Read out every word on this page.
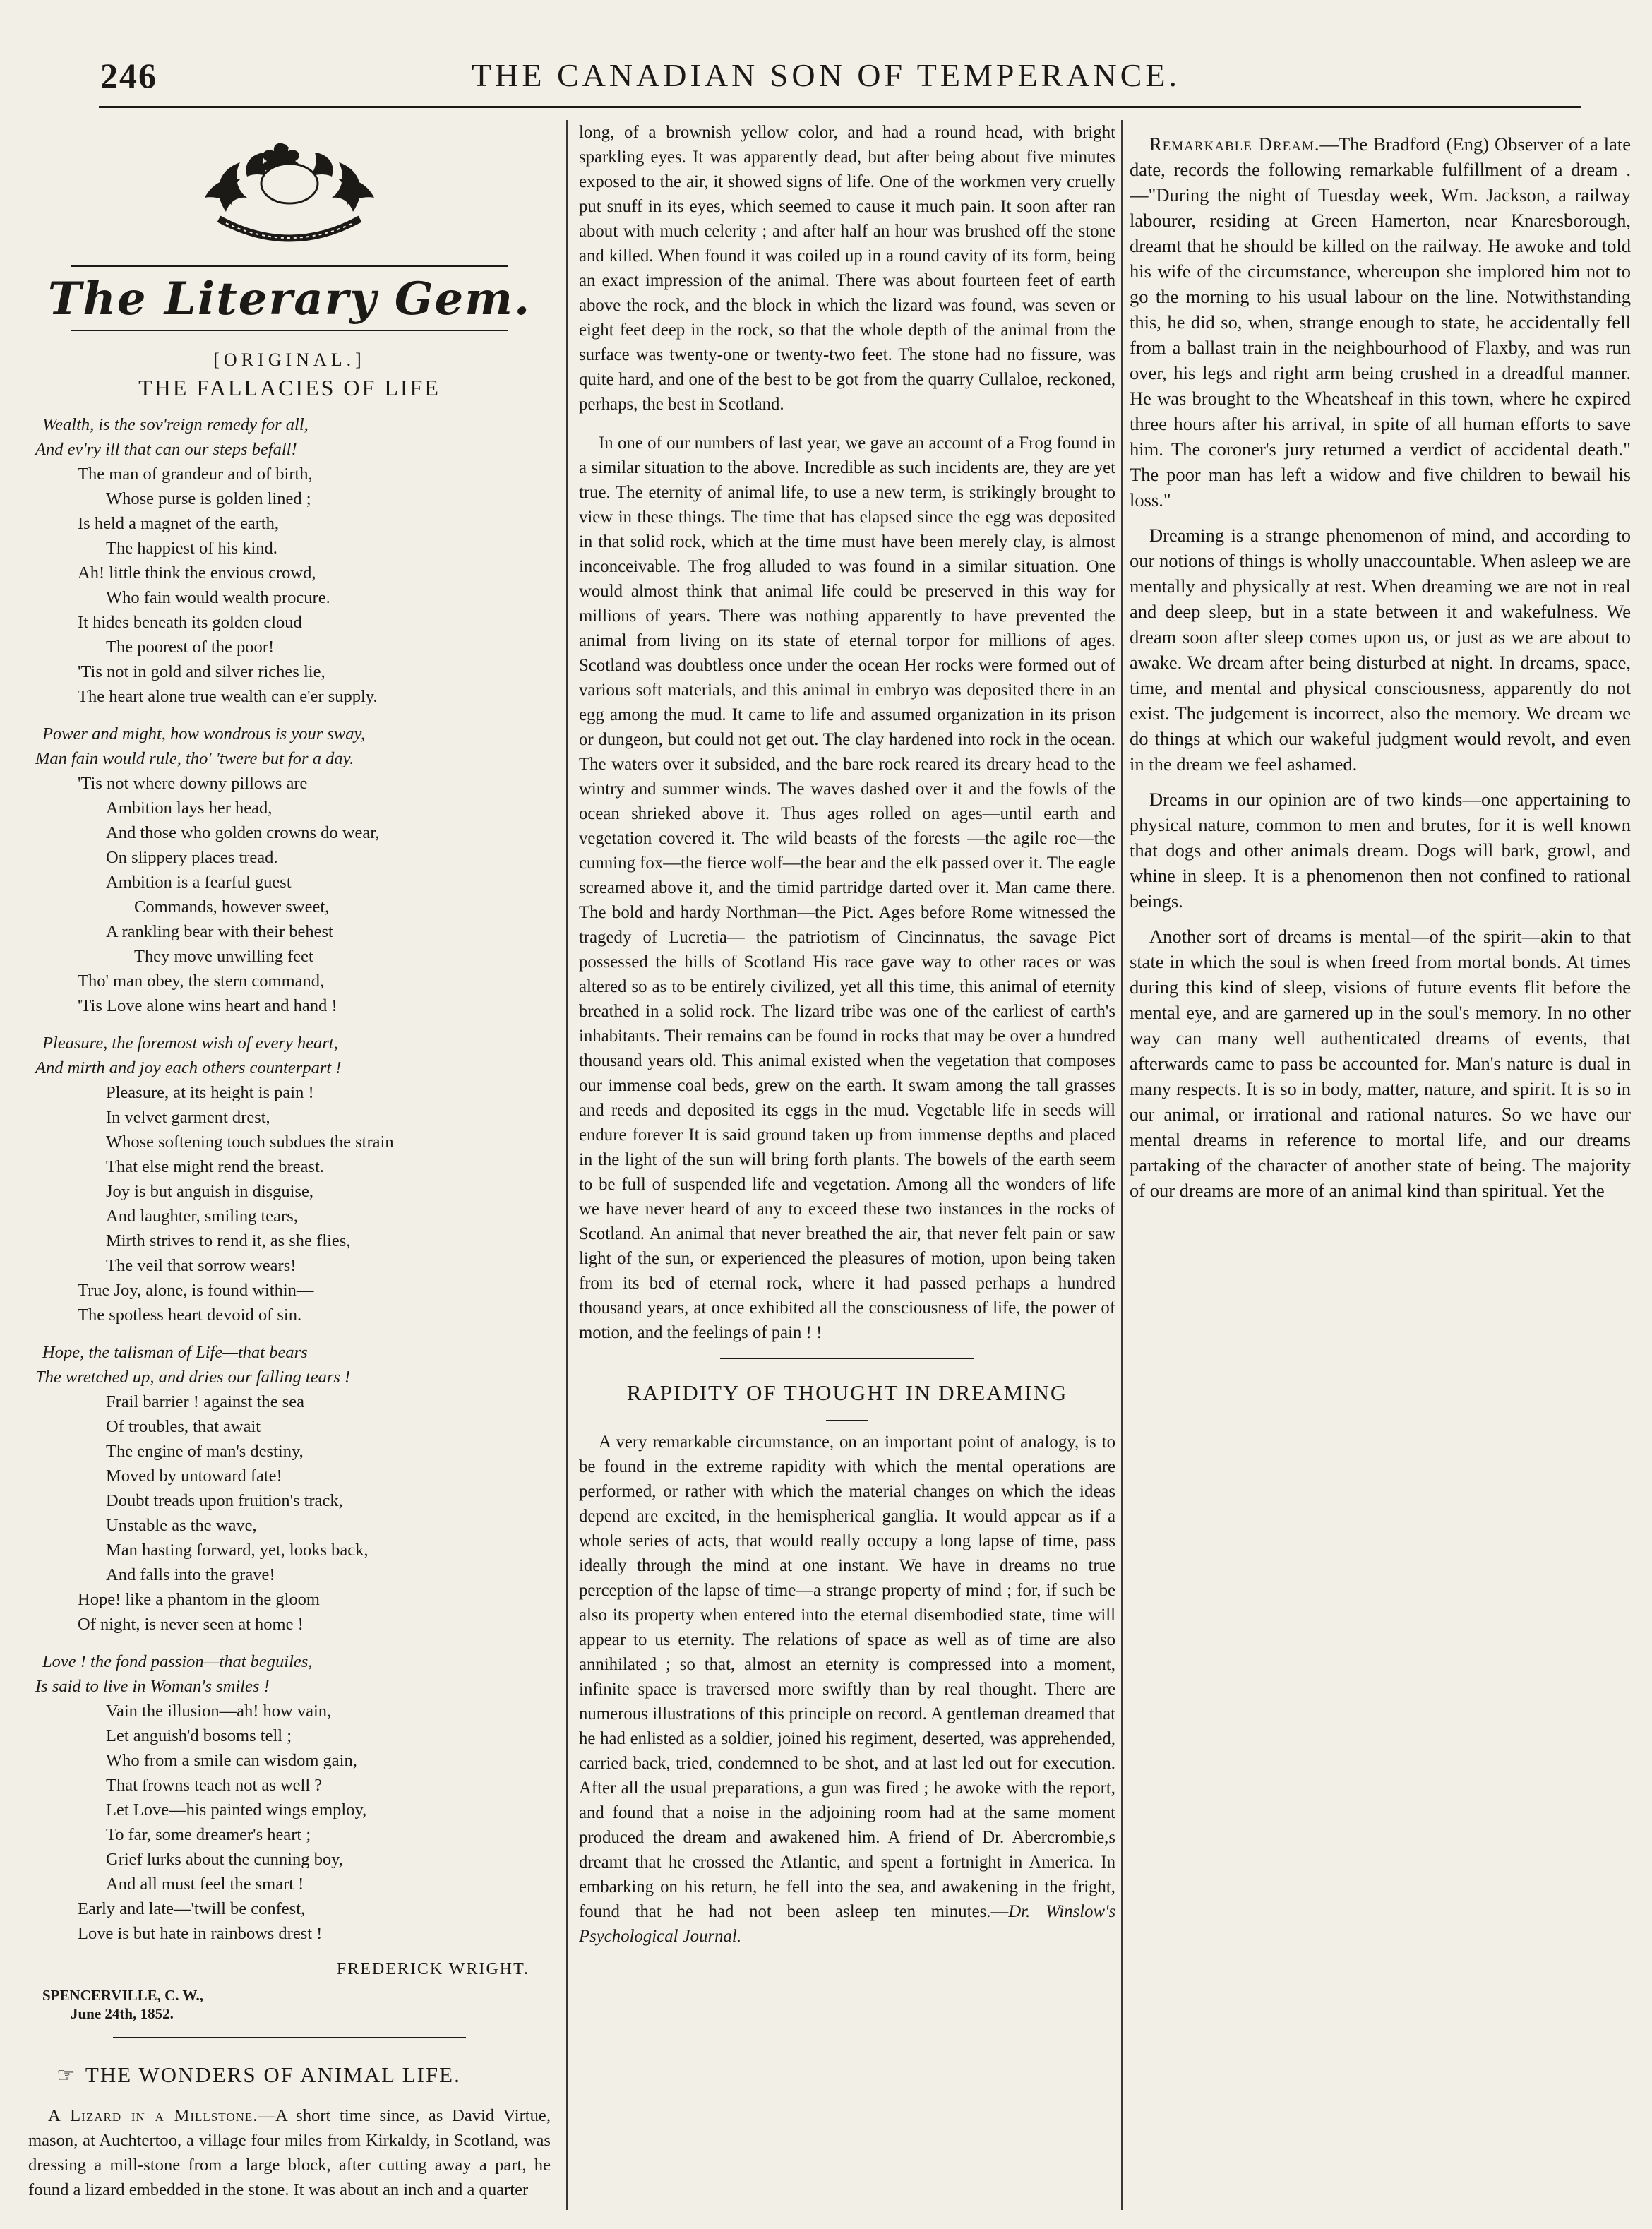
246	THE CANADIAN SON OF TEMPERANCE.
The Literary Gem.
[ORIGINAL.]
THE FALLACIES OF LIFE
Wealth, is the sov'reign remedy for all,
And ev'ry ill that can our steps befall!
The man of grandeur and of birth,
Whose purse is golden lined ;
Is held a magnet of the earth,
The happiest of his kind.
Ah! little think the envious crowd,
Who fain would wealth procure.
It hides beneath its golden cloud
The poorest of the poor!
'Tis not in gold and silver riches lie,
The heart alone true wealth can e'er supply.
Power and might, how wondrous is your sway,
Man fain would rule, tho' 'twere but for a day.
'Tis not where downy pillows are
Ambition lays her head,
And those who golden crowns do wear,
On slippery places tread.
Ambition is a fearful guest
Commands, however sweet,
A rankling bear with their behest
They move unwilling feet
Tho' man obey, the stern command,
'Tis Love alone wins heart and hand !
Pleasure, the foremost wish of every heart,
And mirth and joy each others counterpart !
Pleasure, at its height is pain !
In velvet garment drest,
Whose softening touch subdues the strain
That else might rend the breast.
Joy is but anguish in disguise,
And laughter, smiling tears,
Mirth strives to rend it, as she flies,
The veil that sorrow wears!
True Joy, alone, is found within—
The spotless heart devoid of sin.
Hope, the talisman of Life—that bears
The wretched up, and dries our falling tears !
Frail barrier ! against the sea
Of troubles, that await
The engine of man's destiny,
Moved by untoward fate!
Doubt treads upon fruition's track,
Unstable as the wave,
Man hasting forward, yet, looks back,
And falls into the grave!
Hope! like a phantom in the gloom
Of night, is never seen at home !
Love ! the fond passion—that beguiles,
Is said to live in Woman's smiles !
Vain the illusion—ah! how vain,
Let anguish'd bosoms tell ;
Who from a smile can wisdom gain,
That frowns teach not as well ?
Let Love—his painted wings employ,
To far, some dreamer's heart ;
Grief lurks about the cunning boy,
And all must feel the smart !
Early and late—'twill be confest,
Love is but hate in rainbows drest !
FREDERICK WRIGHT.
SPENCERVILLE, C. W.,
June 24th, 1852.
☞ THE WONDERS OF ANIMAL LIFE.

A Lizard in a Millstone.—A short time since, as David Virtue, mason, at Auchtertoo, a village four miles from Kirkaldy, in Scotland, was dressing a mill-stone from a large block, after cutting away a part, he found a lizard embedded in the stone. It was about an inch and a quarter

long, of a brownish yellow color, and had a round head, with bright sparkling eyes. It was apparently dead, but after being about five minutes exposed to the air, it showed signs of life. One of the workmen very cruelly put snuff in its eyes, which seemed to cause it much pain. It soon after ran about with much celerity ; and after half an hour was brushed off the stone and killed. When found it was coiled up in a round cavity of its form, being an exact impression of the animal. There was about fourteen feet of earth above the rock, and the block in which the lizard was found, was seven or eight feet deep in the rock, so that the whole depth of the animal from the surface was twenty-one or twenty-two feet. The stone had no fissure, was quite hard, and one of the best to be got from the quarry Cullaloe, reckoned, perhaps, the best in Scotland.

In one of our numbers of last year, we gave an account of a Frog found in a similar situation to the above. Incredible as such incidents are, they are yet true. The eternity of animal life, to use a new term, is strikingly brought to view in these things. The time that has elapsed since the egg was deposited in that solid rock, which at the time must have been merely clay, is almost inconceivable. The frog alluded to was found in a similar situation. One would almost think that animal life could be preserved in this way for millions of years. There was nothing apparently to have prevented the animal from living on its state of eternal torpor for millions of ages. Scotland was doubtless once under the ocean Her rocks were formed out of various soft materials, and this animal in embryo was deposited there in an egg among the mud. It came to life and assumed organization in its prison or dungeon, but could not get out. The clay hardened into rock in the ocean. The waters over it subsided, and the bare rock reared its dreary head to the wintry and summer winds. The waves dashed over it and the fowls of the ocean shrieked above it. Thus ages rolled on ages—until earth and vegetation covered it. The wild beasts of the forests —the agile roe—the cunning fox—the fierce wolf—the bear and the elk passed over it. The eagle screamed above it, and the timid partridge darted over it. Man came there. The bold and hardy Northman—the Pict. Ages before Rome witnessed the tragedy of Lucretia— the patriotism of Cincinnatus, the savage Pict possessed the hills of Scotland His race gave way to other races or was altered so as to be entirely civilized, yet all this time, this animal of eternity breathed in a solid rock. The lizard tribe was one of the earliest of earth's inhabitants. Their remains can be found in rocks that may be over a hundred thousand years old. This animal existed when the vegetation that composes our immense coal beds, grew on the earth. It swam among the tall grasses and reeds and deposited its eggs in the mud. Vegetable life in seeds will endure forever It is said ground taken up from immense depths and placed in the light of the sun will bring forth plants. The bowels of the earth seem to be full of suspended life and vegetation. Among all the wonders of life we have never heard of any to exceed these two instances in the rocks of Scotland. An animal that never breathed the air, that never felt pain or saw light of the sun, or experienced the pleasures of motion, upon being taken from its bed of eternal rock, where it had passed perhaps a hundred thousand years, at once exhibited all the consciousness of life, the power of motion, and the feelings of pain ! !

RAPIDITY OF THOUGHT IN DREAMING

A very remarkable circumstance, on an important point of analogy, is to be found in the extreme rapidity with which the mental operations are performed, or rather with which the material changes on which the ideas depend are excited, in the hemispherical ganglia. It would appear as if a whole series of acts, that would really occupy a long lapse of time, pass ideally through the mind at one instant. We have in dreams no true perception of the lapse of time—a strange property of mind ; for, if such be also its property when entered into the eternal disembodied state, time will appear to us eternity. The relations of space as well as of time are also annihilated ; so that, almost an eternity is compressed into a moment, infinite space is traversed more swiftly than by real thought. There are numerous illustrations of this principle on record. A gentleman dreamed that he had enlisted as a soldier, joined his regiment, deserted, was apprehended, carried back, tried, condemned to be shot, and at last led out for execution. After all the usual preparations, a gun was fired ; he awoke with the report, and found that a noise in the adjoining room had at the same moment produced the dream and awakened him. A friend of Dr. Abercrombie,s dreamt that he crossed the Atlantic, and spent a fortnight in America. In embarking on his return, he fell into the sea, and awakening in the fright, found that he had not been asleep ten minutes.—Dr. Winslow's Psychological Journal.

Remarkable Dream.—The Bradford (Eng) Observer of a late date, records the following remarkable fulfillment of a dream .—"During the night of Tuesday week, Wm. Jackson, a railway labourer, residing at Green Hamerton, near Knaresborough, dreamt that he should be killed on the railway. He awoke and told his wife of the circumstance, whereupon she implored him not to go the morning to his usual labour on the line. Notwithstanding this, he did so, when, strange enough to state, he accidentally fell from a ballast train in the neighbourhood of Flaxby, and was run over, his legs and right arm being crushed in a dreadful manner. He was brought to the Wheatsheaf in this town, where he expired three hours after his arrival, in spite of all human efforts to save him. The coroner's jury returned a verdict of accidental death." The poor man has left a widow and five children to bewail his loss."

Dreaming is a strange phenomenon of mind, and according to our notions of things is wholly unaccountable. When asleep we are mentally and physically at rest. When dreaming we are not in real and deep sleep, but in a state between it and wakefulness. We dream soon after sleep comes upon us, or just as we are about to awake. We dream after being disturbed at night. In dreams, space, time, and mental and physical consciousness, apparently do not exist. The judgement is incorrect, also the memory. We dream we do things at which our wakeful judgment would revolt, and even in the dream we feel ashamed.

Dreams in our opinion are of two kinds—one appertaining to physical nature, common to men and brutes, for it is well known that dogs and other animals dream. Dogs will bark, growl, and whine in sleep. It is a phenomenon then not confined to rational beings.

Another sort of dreams is mental—of the spirit—akin to that state in which the soul is when freed from mortal bonds. At times during this kind of sleep, visions of future events flit before the mental eye, and are garnered up in the soul's memory. In no other way can many well authenticated dreams of events, that afterwards came to pass be accounted for. Man's nature is dual in many respects. It is so in body, matter, nature, and spirit. It is so in our animal, or irrational and rational natures. So we have our mental dreams in reference to mortal life, and our dreams partaking of the character of another state of being. The majority of our dreams are more of an animal kind than spiritual. Yet the
